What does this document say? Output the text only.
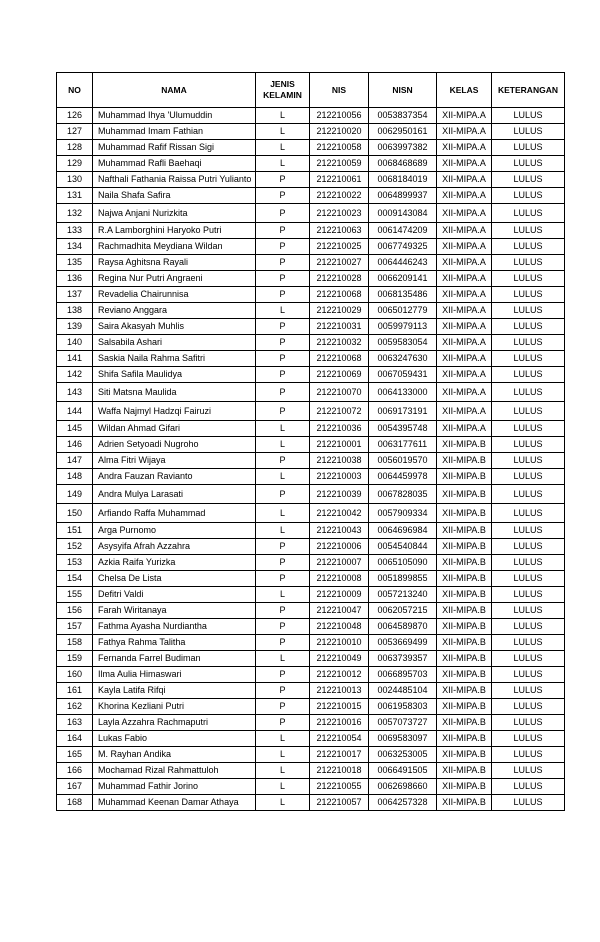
NO	NAMA	JENIS KELAMIN	NIS	NISN	KELAS	KETERANGAN
126	Muhammad Ihya 'Ulumuddin	L	212210056	0053837354	XII-MIPA.A	LULUS
127	Muhammad Imam Fathian	L	212210020	0062950161	XII-MIPA.A	LULUS
128	Muhammad Rafif Rissan Sigi	L	212210058	0063997382	XII-MIPA.A	LULUS
129	Muhammad Rafli Baehaqi	L	212210059	0068468689	XII-MIPA.A	LULUS
130	Nafthali Fathania Raissa Putri Yulianto	P	212210061	0068184019	XII-MIPA.A	LULUS
131	Naila Shafa Safira	P	212210022	0064899937	XII-MIPA.A	LULUS
132	Najwa Anjani Nurizkita	P	212210023	0009143084	XII-MIPA.A	LULUS
133	R.A Lamborghini Haryoko Putri	P	212210063	0061474209	XII-MIPA.A	LULUS
134	Rachmadhita Meydiana Wildan	P	212210025	0067749325	XII-MIPA.A	LULUS
135	Raysa Aghitsna Rayali	P	212210027	0064446243	XII-MIPA.A	LULUS
136	Regina Nur Putri Angraeni	P	212210028	0066209141	XII-MIPA.A	LULUS
137	Revadelia Chairunnisa	P	212210068	0068135486	XII-MIPA.A	LULUS
138	Reviano Anggara	L	212210029	0065012779	XII-MIPA.A	LULUS
139	Saira Akasyah Muhlis	P	212210031	0059979113	XII-MIPA.A	LULUS
140	Salsabila Ashari	P	212210032	0059583054	XII-MIPA.A	LULUS
141	Saskia Naila Rahma Safitri	P	212210068	0063247630	XII-MIPA.A	LULUS
142	Shifa Safila Maulidya	P	212210069	0067059431	XII-MIPA.A	LULUS
143	Siti Matsna Maulida	P	212210070	0064133000	XII-MIPA.A	LULUS
144	Waffa Najmyl Hadzqi Fairuzi	P	212210072	0069173191	XII-MIPA.A	LULUS
145	Wildan Ahmad Gifari	L	212210036	0054395748	XII-MIPA.A	LULUS
146	Adrien Setyoadi Nugroho	L	212210001	0063177611	XII-MIPA.B	LULUS
147	Alma Fitri Wijaya	P	212210038	0056019570	XII-MIPA.B	LULUS
148	Andra Fauzan Ravianto	L	212210003	0064459978	XII-MIPA.B	LULUS
149	Andra Mulya Larasati	P	212210039	0067828035	XII-MIPA.B	LULUS
150	Arfiando Raffa Muhammad	L	212210042	0057909334	XII-MIPA.B	LULUS
151	Arga Purnomo	L	212210043	0064696984	XII-MIPA.B	LULUS
152	Asysyifa Afrah Azzahra	P	212210006	0054540844	XII-MIPA.B	LULUS
153	Azkia Raifa Yurizka	P	212210007	0065105090	XII-MIPA.B	LULUS
154	Chelsa De Lista	P	212210008	0051899855	XII-MIPA.B	LULUS
155	Defitri Valdi	L	212210009	0057213240	XII-MIPA.B	LULUS
156	Farah Wiritanaya	P	212210047	0062057215	XII-MIPA.B	LULUS
157	Fathma Ayasha Nurdiantha	P	212210048	0064589870	XII-MIPA.B	LULUS
158	Fathya Rahma Talitha	P	212210010	0053669499	XII-MIPA.B	LULUS
159	Fernanda Farrel Budiman	L	212210049	0063739357	XII-MIPA.B	LULUS
160	Ilma Aulia Himaswari	P	212210012	0066895703	XII-MIPA.B	LULUS
161	Kayla Latifa Rifqi	P	212210013	0024485104	XII-MIPA.B	LULUS
162	Khorina Kezliani Putri	P	212210015	0061958303	XII-MIPA.B	LULUS
163	Layla Azzahra Rachmaputri	P	212210016	0057073727	XII-MIPA.B	LULUS
164	Lukas Fabio	L	212210054	0069583097	XII-MIPA.B	LULUS
165	M. Rayhan Andika	L	212210017	0063253005	XII-MIPA.B	LULUS
166	Mochamad Rizal Rahmattuloh	L	212210018	0066491505	XII-MIPA.B	LULUS
167	Muhammad Fathir Jorino	L	212210055	0062698660	XII-MIPA.B	LULUS
168	Muhammad Keenan Damar Athaya	L	212210057	0064257328	XII-MIPA.B	LULUS
